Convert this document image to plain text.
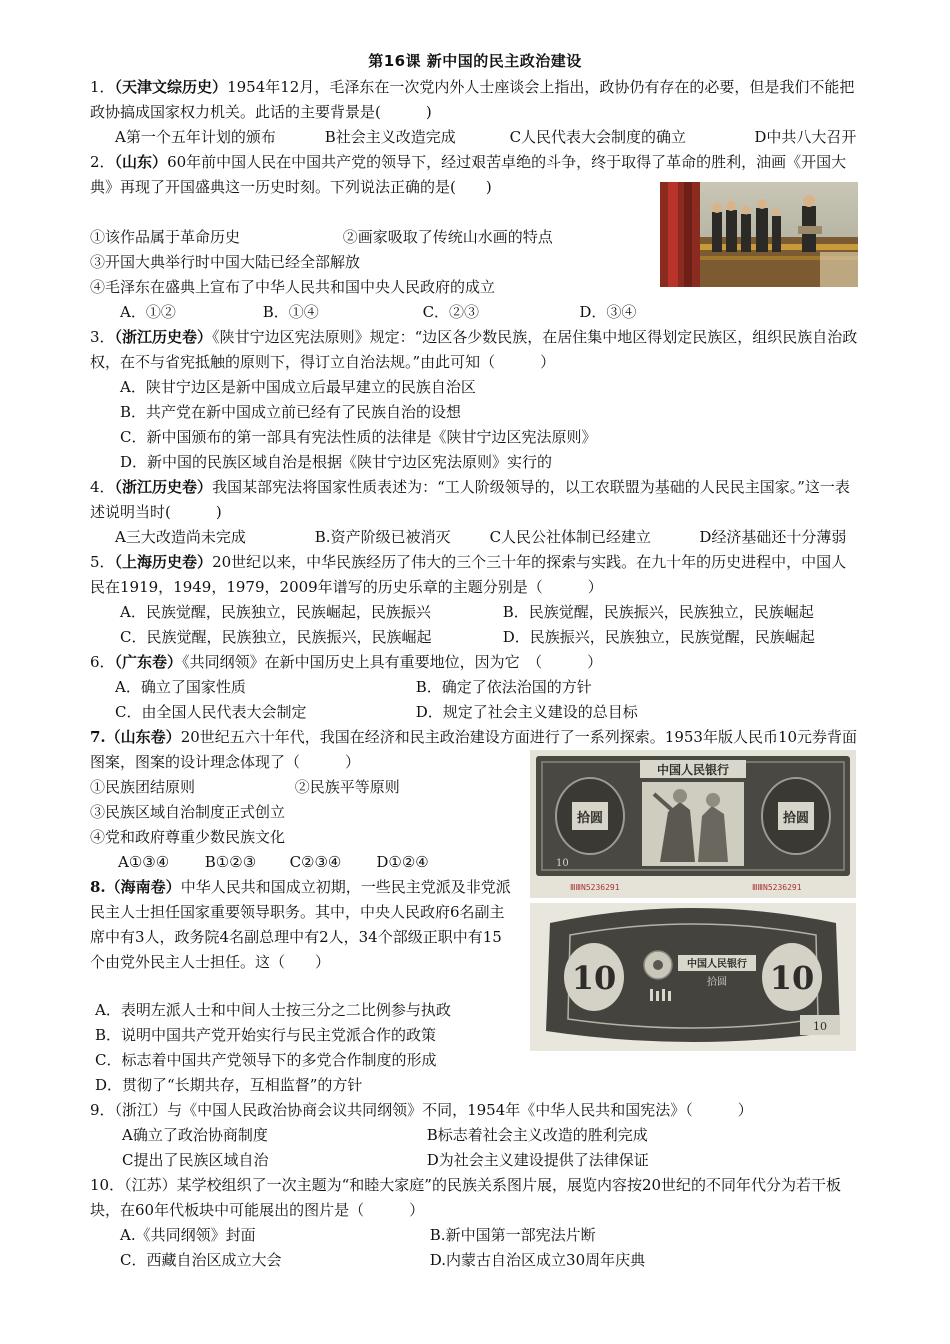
第16课 新中国的民主政治建设
1．（天津文综历史）1954年12月，毛泽东在一次党内外人士座谈会上指出，政协仍有存在的必要，但是我们不能把政协搞成国家权力机关。此话的主要背景是(　　　)
A第一个五年计划的颁布	B社会主义改造完成	C人民代表大会制度的确立	D中共八大召开
2．（山东）60年前中国人民在中国共产党的领导下，经过艰苦卓绝的斗争，终于取得了革命的胜利，油画《开国大典》再现了开国盛典这一历史时刻。下列说法正确的是(　　)
①该作品属于革命历史	②画家吸取了传统山水画的特点
③开国大典举行时中国大陆已经全部解放
④毛泽东在盛典上宣布了中华人民共和国中央人民政府的成立
A．①②	B．①④	C．②③	D．③④
3．（浙江历史卷）《陕甘宁边区宪法原则》规定：“边区各少数民族，在居住集中地区得划定民族区，组织民族自治政权，在不与省宪抵触的原则下，得订立自治法规。”由此可知（　　　）
A．陕甘宁边区是新中国成立后最早建立的民族自治区
B．共产党在新中国成立前已经有了民族自治的设想
C．新中国颁布的第一部具有宪法性质的法律是《陕甘宁边区宪法原则》
D．新中国的民族区域自治是根据《陕甘宁边区宪法原则》实行的
4．（浙江历史卷）我国某部宪法将国家性质表述为：“工人阶级领导的，以工农联盟为基础的人民民主国家。”这一表述说明当时(　　　)
A三大改造尚未完成	B.资产阶级已被消灭	C人民公社体制已经建立	D经济基础还十分薄弱
5．（上海历史卷）20世纪以来，中华民族经历了伟大的三个三十年的探索与实践。在九十年的历史进程中，中国人民在1919，1949，1979，2009年谱写的历史乐章的主题分别是（　　　）
A．民族觉醒，民族独立，民族崛起，民族振兴	B．民族觉醒，民族振兴，民族独立，民族崛起
C．民族觉醒，民族独立，民族振兴，民族崛起	D．民族振兴，民族独立，民族觉醒，民族崛起
6．（广东卷）《共同纲领》在新中国历史上具有重要地位，因为它　（　　　）
A．确立了国家性质	B．确定了依法治国的方针
C．由全国人民代表大会制定	D．规定了社会主义建设的总目标
7.（山东卷）20世纪五六十年代，我国在经济和民主政治建设方面进行了一系列探索。1953年版人民币10元券背面图案，图案的设计理念体现了（　　　）
①民族团结原则	②民族平等原则
③民族区域自治制度正式创立
④党和政府尊重少数民族文化
A①③④ B①②③ C②③④ D①②④
中国人民银行
拾圆	拾圆
10
ⅢⅢN5236291	ⅢⅢN5236291
8.（海南卷）中华人民共和国成立初期，一些民主党派及非党派民主人士担任国家重要领导职务。其中，中央人民政府6名副主席中有3人，政务院4名副总理中有2人，34个部级正职中有15个由党外民主人士担任。这（　　）
A．表明左派人士和中间人士按三分之二比例参与执政
B．说明中国共产党开始实行与民主党派合作的政策
C．标志着中国共产党领导下的多党合作制度的形成
D．贯彻了“长期共存，互相监督”的方针
10	10
中国人民银行
拾圆
10
9．（浙江）与《中国人民政治协商会议共同纲领》不同，1954年《中华人民共和国宪法》（　　　）
A确立了政治协商制度	B标志着社会主义改造的胜利完成
C提出了民族区域自治	D为社会主义建设提供了法律保证
10．（江苏）某学校组织了一次主题为“和睦大家庭”的民族关系图片展，展览内容按20世纪的不同年代分为若干板块，在60年代板块中可能展出的图片是（　　　）
A.《共同纲领》封面	B.新中国第一部宪法片断
C．西藏自治区成立大会	D.内蒙古自治区成立30周年庆典
